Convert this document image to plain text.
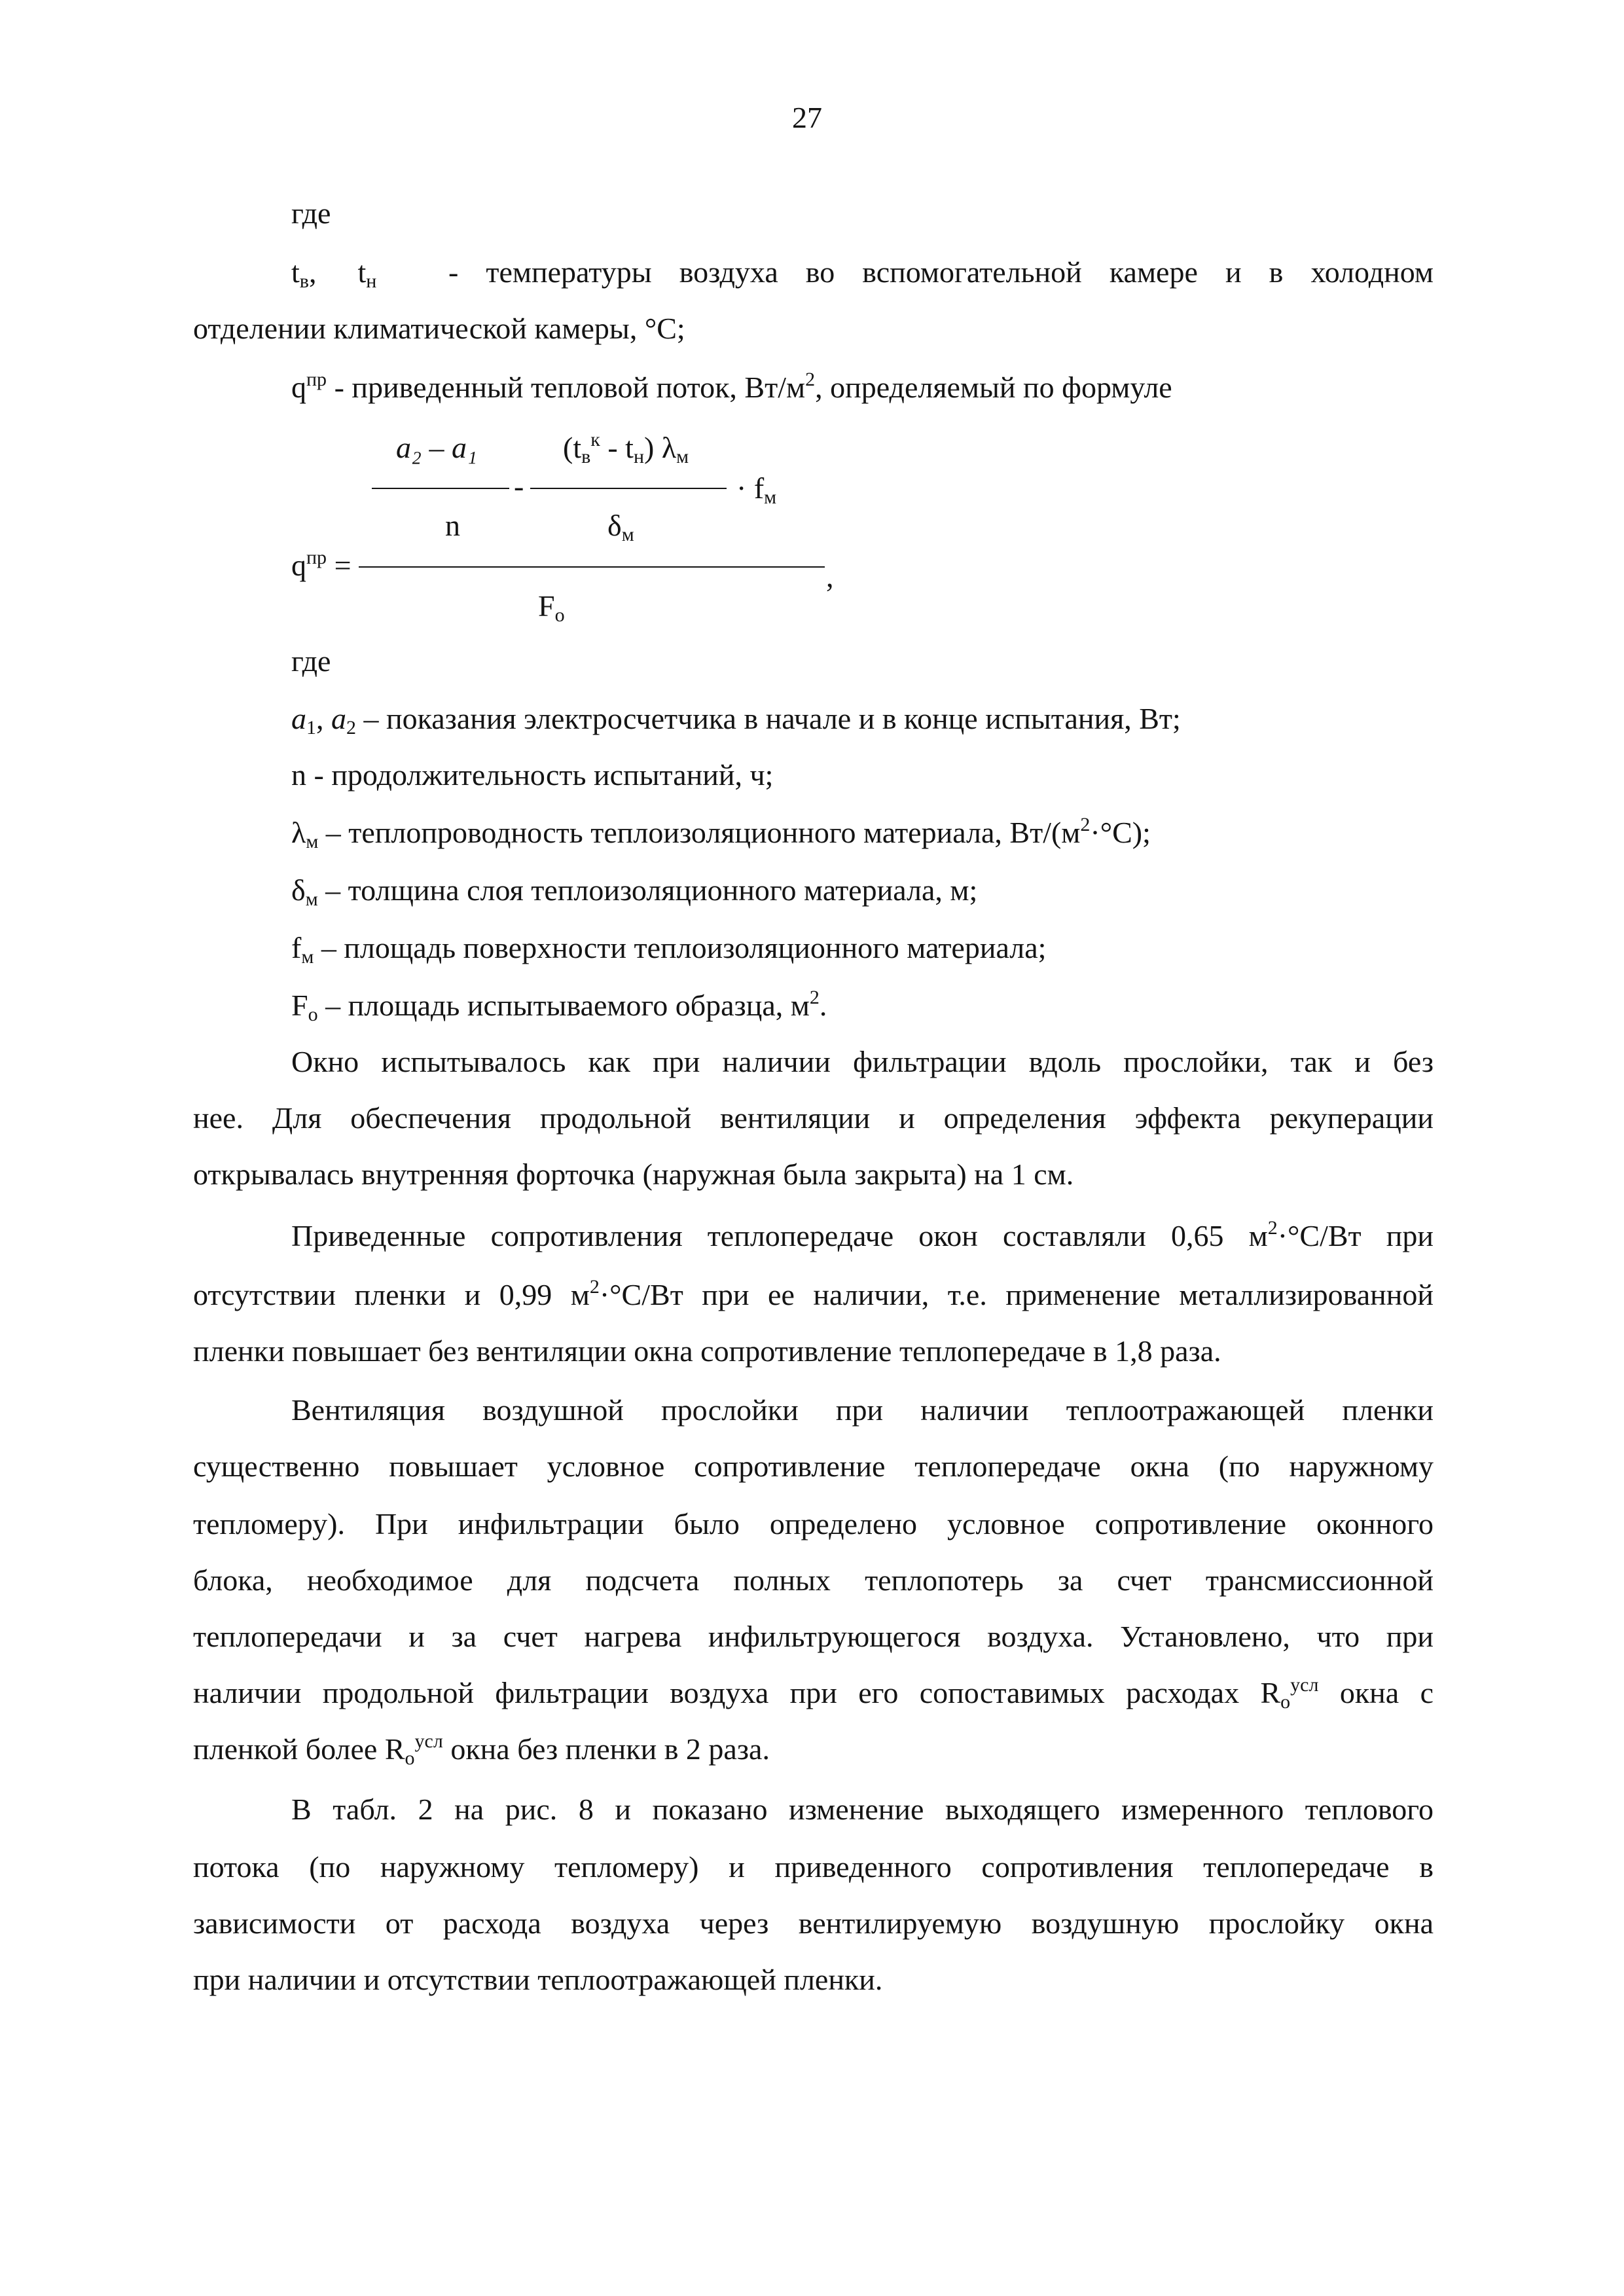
27
где
$t_в$, $t_н$ - температуры воздуха во вспомогательной камере и в холодном
отделении климатической камеры, °C;
$q^{пр}$ - приведенный тепловой поток, $Вт/м^2$, определяемый по формуле
a₂ – a₁	$(t_в^к - t_н)$ $\lambda_м$
-	· $f_м$
n	$\delta_м$
$q^{пр}$ =	,
$F_о$
где
$a_1$, $a_2$ – показания электросчетчика в начале и в конце испытания, Вт;
n - продолжительность испытаний, ч;
$\lambda_м$ – теплопроводность теплоизоляционного материала, $Вт/(м^2\cdot^\circ С)$;
$\delta_м$ – толщина слоя теплоизоляционного материала, м;
$f_м$ – площадь поверхности теплоизоляционного материала;
$F_о$ – площадь испытываемого образца, $м^2$.
Окно испытывалось как при наличии фильтрации вдоль прослойки, так и без
нее. Для обеспечения продольной вентиляции и определения эффекта рекуперации
открывалась внутренняя форточка (наружная была закрыта) на 1 см.
Приведенные сопротивления теплопередаче окон составляли 0,65 $м^2\cdot^\circ С/Вт$ при
отсутствии пленки и 0,99 $м^2\cdot^\circ С/Вт$ при ее наличии, т.е. применение металлизированной
пленки повышает без вентиляции окна сопротивление теплопередаче в 1,8 раза.
Вентиляция воздушной прослойки при наличии теплоотражающей пленки
существенно повышает условное сопротивление теплопередаче окна (по наружному
тепломеру). При инфильтрации было определено условное сопротивление оконного
блока, необходимое для подсчета полных теплопотерь за счет трансмиссионной
теплопередачи и за счет нагрева инфильтрующегося воздуха. Установлено, что при
наличии продольной фильтрации воздуха при его сопоставимых расходах $R_о^{усл}$ окна с
пленкой более $R_о^{усл}$ окна без пленки в 2 раза.
В табл. 2 на рис. 8 и показано изменение выходящего измеренного теплового
потока (по наружному тепломеру) и приведенного сопротивления теплопередаче в
зависимости от расхода воздуха через вентилируемую воздушную прослойку окна
при наличии и отсутствии теплоотражающей пленки.
